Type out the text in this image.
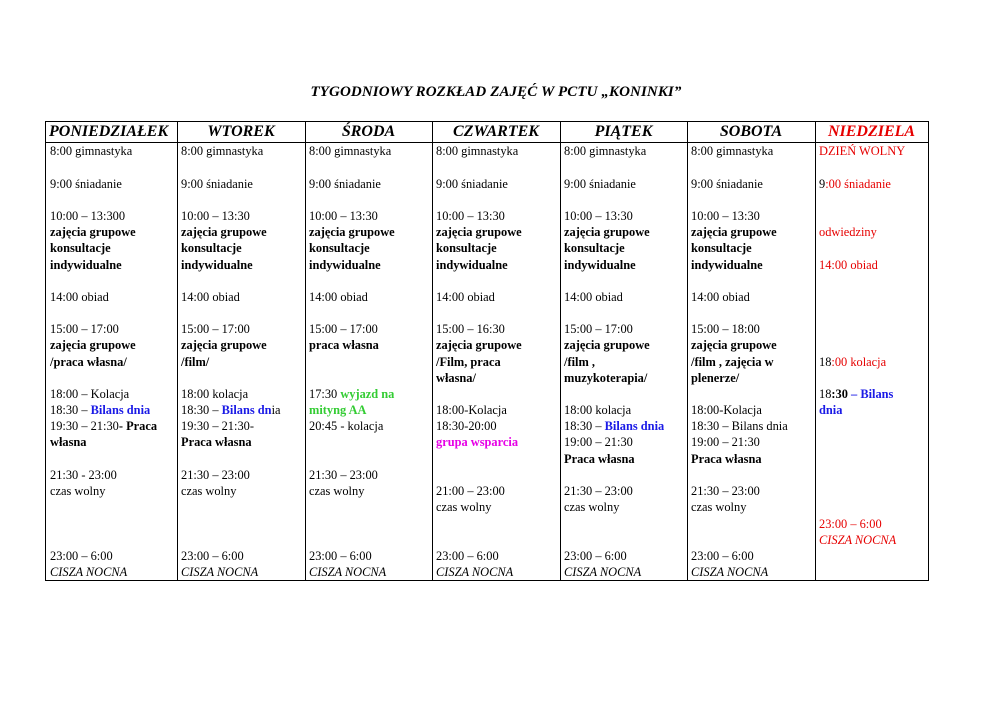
TYGODNIOWY ROZKŁAD ZAJĘĆ W PCTU „KONINKI”
PONIEDZIAŁEK
8:00 gimnastyka
9:00 śniadanie
10:00 – 13:300
zajęcia grupowe
konsultacje
indywidualne
14:00 obiad
15:00 – 17:00
zajęcia grupowe
/praca własna/
18:00 – Kolacja
18:30 – Bilans dnia
19:30 – 21:30- Praca
własna
21:30 - 23:00
czas wolny
23:00 – 6:00
CISZA NOCNA
WTOREK
8:00 gimnastyka
9:00 śniadanie
10:00 – 13:30
zajęcia grupowe
konsultacje
indywidualne
14:00 obiad
15:00 – 17:00
zajęcia grupowe
/film/
18:00 kolacja
18:30 – Bilans dnia
19:30 – 21:30-
Praca własna
21:30 – 23:00
czas wolny
23:00 – 6:00
CISZA NOCNA
ŚRODA
8:00 gimnastyka
9:00 śniadanie
10:00 – 13:30
zajęcia grupowe
konsultacje
indywidualne
14:00 obiad
15:00 – 17:00
praca własna
17:30 wyjazd na
mityng AA
20:45 - kolacja
21:30 – 23:00
czas wolny
23:00 – 6:00
CISZA NOCNA
CZWARTEK
8:00 gimnastyka
9:00 śniadanie
10:00 – 13:30
zajęcia grupowe
konsultacje
indywidualne
14:00 obiad
15:00 – 16:30
zajęcia grupowe
/Film, praca
własna/
18:00-Kolacja
18:30-20:00
grupa wsparcia
21:00 – 23:00
czas wolny
23:00 – 6:00
CISZA NOCNA
PIĄTEK
8:00 gimnastyka
9:00 śniadanie
10:00 – 13:30
zajęcia grupowe
konsultacje
indywidualne
14:00 obiad
15:00 – 17:00
zajęcia grupowe
/film ,
muzykoterapia/
18:00 kolacja
18:30 – Bilans dnia
19:00 – 21:30
Praca własna
21:30 – 23:00
czas wolny
23:00 – 6:00
CISZA NOCNA
SOBOTA
8:00 gimnastyka
9:00 śniadanie
10:00 – 13:30
zajęcia grupowe
konsultacje
indywidualne
14:00 obiad
15:00 – 18:00
zajęcia grupowe
/film , zajęcia w
plenerze/
18:00-Kolacja
18:30 – Bilans dnia
19:00 – 21:30
Praca własna
21:30 – 23:00
czas wolny
23:00 – 6:00
CISZA NOCNA
NIEDZIELA
DZIEŃ WOLNY
9:00 śniadanie
odwiedziny
14:00 obiad
18:00 kolacja
18:30 – Bilans
dnia
23:00 – 6:00
CISZA NOCNA
